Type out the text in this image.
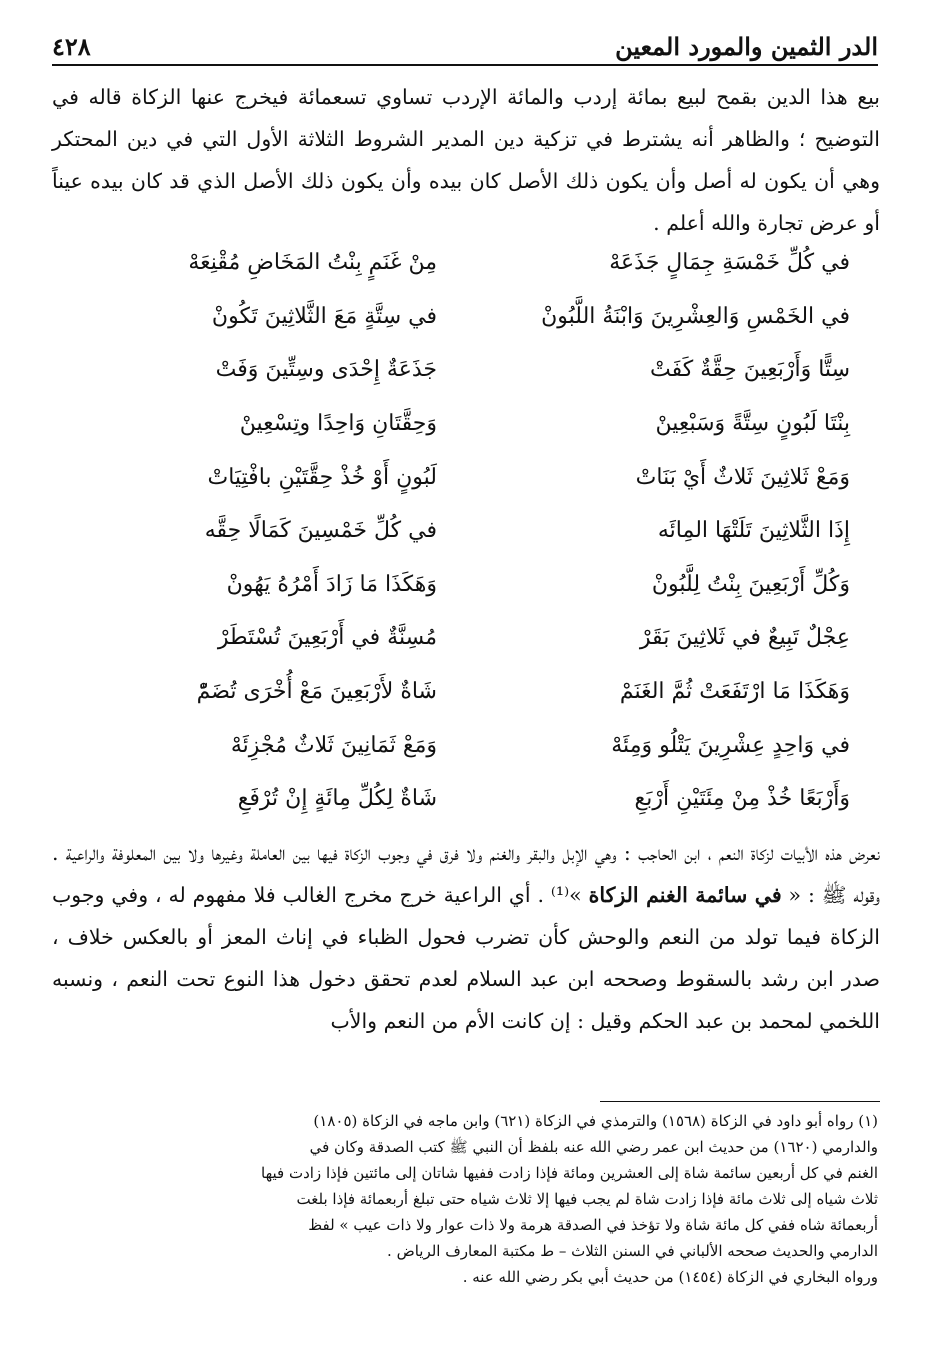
الدر الثمين والمورد المعين
٤٢٨
بيع هذا الدين بقمح لبيع بمائة إردب والمائة الإردب تساوي تسعمائة فيخرج عنها الزكاة قاله في التوضيح ؛ والظاهر أنه يشترط في تزكية دين المدير الشروط الثلاثة الأول التي في دين المحتكر وهي أن يكون له أصل وأن يكون ذلك الأصل كان بيده وأن يكون ذلك الأصل الذي قد كان بيده عيناً أو عرض تجارة والله أعلم .
في كُلِّ خَمْسَةِ جِمَالٍ جَذَعَهْ
مِنْ غَنَمٍ بِنْتُ المَخَاضِ مُقْنِعَهْ
في الخَمْسِ وَالعِشْرِينَ وَابْنَةُ اللَّبُونْ
في سِتَّةٍ مَعَ الثَّلاثِينَ تَكُونْ
سِتًّا وَأَرْبَعِينَ حِقَّةٌ كَفَتْ
جَذَعَةٌ إِحْدَى وسِتِّينَ وَفَتْ
بِنْتَا لَبُونٍ سِتَّةً وَسَبْعِينْ
وَحِقَّتَانِ وَاحِدًا وتِسْعِينْ
وَمَعْ ثَلاثِينَ ثَلاثٌ أَيْ بَنَاتْ
لَبُونٍ أَوْ خُذْ حِقَّتَيْنِ بافْتِيَاتْ
إِذَا الثَّلاثِينَ تَلَتْهَا المِائَه
في كُلِّ خَمْسِينَ كَمَالًا حِقَّه
وَكُلِّ أَرْبَعِينَ بِنْتُ لِلَّبُونْ
وَهَكَذَا مَا زَادَ أَمْرُهُ يَهُونْ
عِجْلٌ تَبِيعٌ في ثَلاثِينَ بَقَرْ
مُسِنَّةٌ في أَرْبَعِينَ تُسْتَطَرْ
وَهَكَذَا مَا ارْتَفَعَتْ ثُمَّ الغَنَمْ
شَاةٌ لأَرْبَعِينَ مَعْ أُخْرَى تُضَمّْ
في وَاحِدٍ عِشْرِينَ يَتْلُو وَمِئَهْ
وَمَعْ ثَمَانِينَ ثَلاثٌ مُجْزِئَهْ
وَأَرْبَعًا خُذْ مِنْ مِئَتَيْنِ أَرْبَعِ
شَاةٌ لِكُلِّ مِائَةٍ إِنْ تُرْفَعِ
نعرض هذه الأبيات لزكاة النعم ، ابن الحاجب : وهي الإبل والبقر والغنم ولا فرق في وجوب الزكاة فيها بين العاملة وغيرها ولا بين المعلوفة والراعية . وقوله ﷺ : « في سائمة الغنم الزكاة »⁽¹⁾ . أي الراعية خرج مخرج الغالب فلا مفهوم له ، وفي وجوب الزكاة فيما تولد من النعم والوحش كأن تضرب فحول الظباء في إناث المعز أو بالعكس خلاف ، صدر ابن رشد بالسقوط وصححه ابن عبد السلام لعدم تحقق دخول هذا النوع تحت النعم ، ونسبه اللخمي لمحمد بن عبد الحكم وقيل : إن كانت الأم من النعم والأب
(١) رواه أبو داود في الزكاة (١٥٦٨) والترمذي في الزكاة (٦٢١) وابن ماجه في الزكاة (١٨٠٥)
والدارمي (١٦٢٠) من حديث ابن عمر رضي الله عنه بلفظ أن النبي ﷺ كتب الصدقة وكان في
الغنم في كل أربعين سائمة شاة إلى العشرين ومائة فإذا زادت ففيها شاتان إلى مائتين فإذا زادت فيها
ثلاث شياه إلى ثلاث مائة فإذا زادت شاة لم يجب فيها إلا ثلاث شياه حتى تبلغ أربعمائة فإذا بلغت
أربعمائة شاه ففي كل مائة شاة ولا تؤخذ في الصدقة هرمة ولا ذات عوار ولا ذات عيب » لفظ
الدارمي والحديث صححه الألباني في السنن الثلاث – ط مكتبة المعارف الرياض .
ورواه البخاري في الزكاة (١٤٥٤) من حديث أبي بكر رضي الله عنه .
